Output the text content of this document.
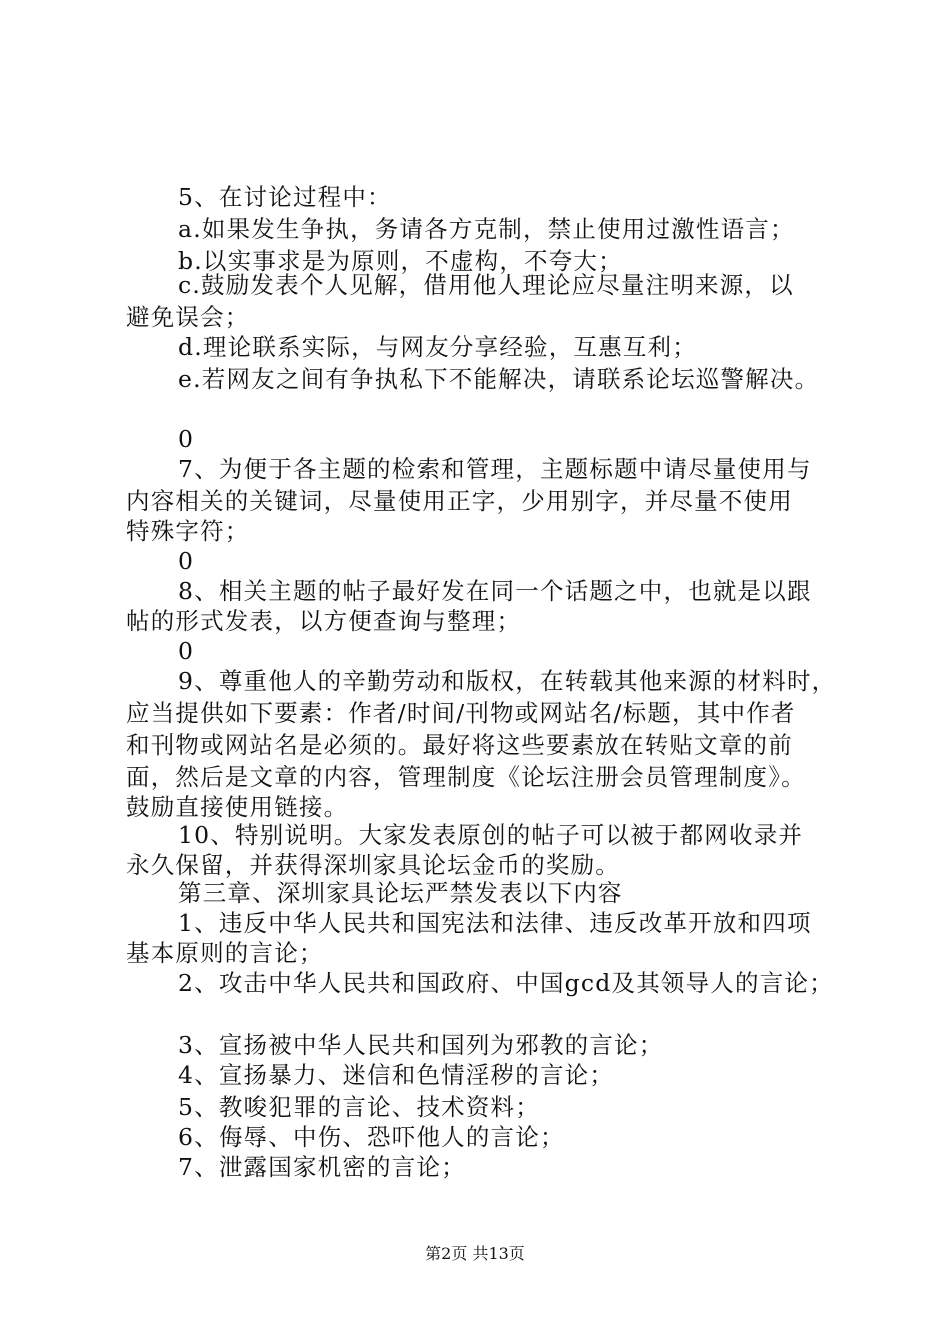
5、在讨论过程中：
a.如果发生争执，务请各方克制，禁止使用过激性语言；
b.以实事求是为原则，不虚构，不夸大；
c.鼓励发表个人见解，借用他人理论应尽量注明来源，以
避免误会；
d.理论联系实际，与网友分享经验，互惠互利；
e.若网友之间有争执私下不能解决，请联系论坛巡警解决。
0
7、为便于各主题的检索和管理，主题标题中请尽量使用与
内容相关的关键词，尽量使用正字，少用别字，并尽量不使用
特殊字符；
0
8、相关主题的帖子最好发在同一个话题之中，也就是以跟
帖的形式发表，以方便查询与整理；
0
9、尊重他人的辛勤劳动和版权，在转载其他来源的材料时，
应当提供如下要素：作者/时间/刊物或网站名/标题，其中作者
和刊物或网站名是必须的。最好将这些要素放在转贴文章的前
面，然后是文章的内容，管理制度《论坛注册会员管理制度》。
鼓励直接使用链接。
10、特别说明。大家发表原创的帖子可以被于都网收录并
永久保留，并获得深圳家具论坛金币的奖励。
第三章、深圳家具论坛严禁发表以下内容
1、违反中华人民共和国宪法和法律、违反改革开放和四项
基本原则的言论；
2、攻击中华人民共和国政府、中国gcd及其领导人的言论；
3、宣扬被中华人民共和国列为邪教的言论；
4、宣扬暴力、迷信和色情淫秽的言论；
5、教唆犯罪的言论、技术资料；
6、侮辱、中伤、恐吓他人的言论；
7、泄露国家机密的言论；
第2页 共13页
